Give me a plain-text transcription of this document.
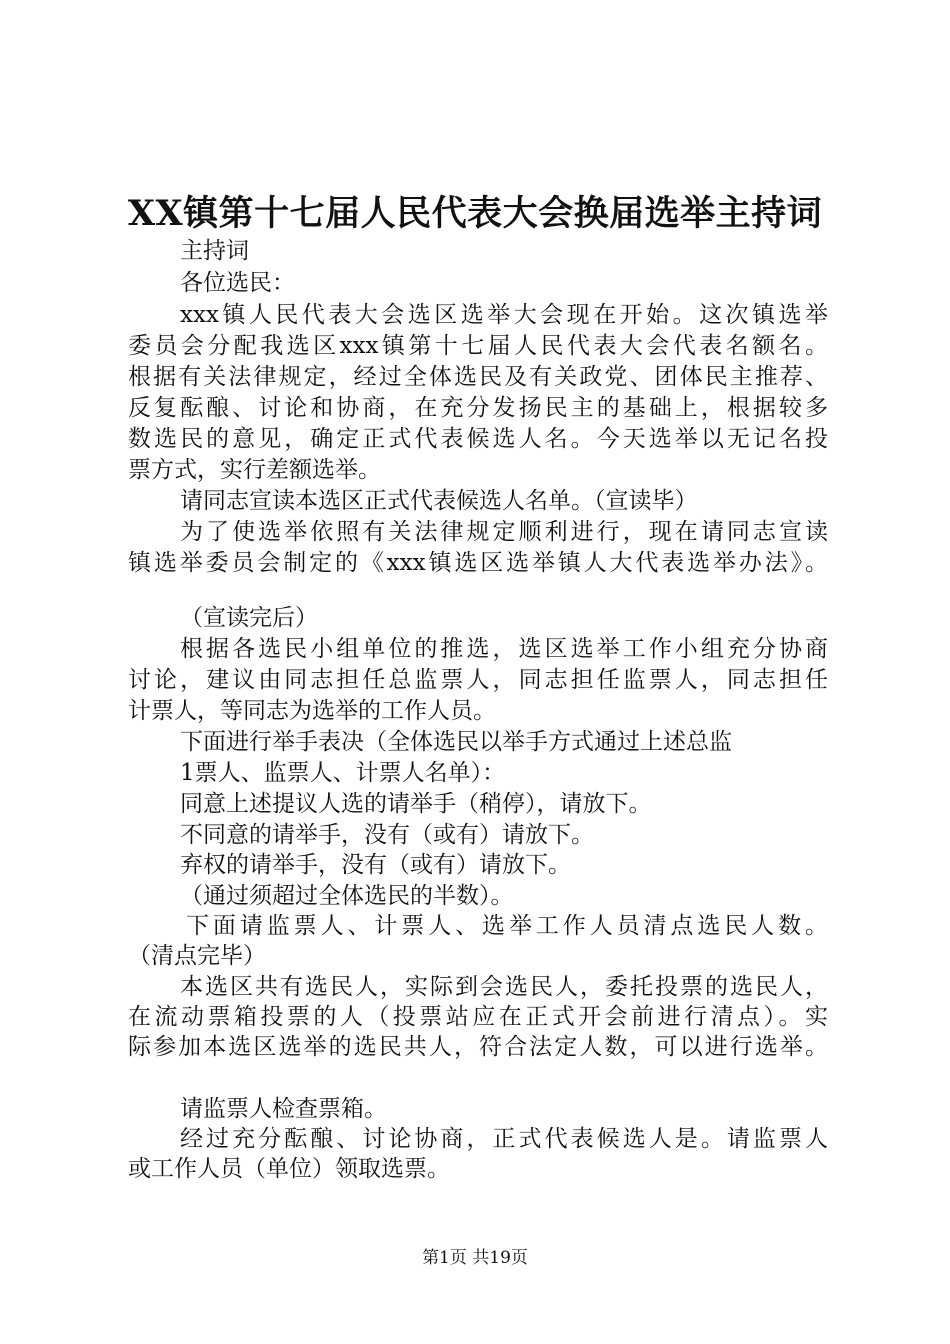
XX镇第十七届人民代表大会换届选举主持词
主持词
各位选民：
xxx镇人民代表大会选区选举大会现在开始。这次镇选举
委员会分配我选区xxx镇第十七届人民代表大会代表名额名。
根据有关法律规定，经过全体选民及有关政党、团体民主推荐、
反复酝酿、讨论和协商，在充分发扬民主的基础上，根据较多
数选民的意见，确定正式代表候选人名。今天选举以无记名投
票方式，实行差额选举。
请同志宣读本选区正式代表候选人名单。（宣读毕）
为了使选举依照有关法律规定顺利进行，现在请同志宣读
镇选举委员会制定的《xxx镇选区选举镇人大代表选举办法》。
（宣读完后）
根据各选民小组单位的推选，选区选举工作小组充分协商
讨论，建议由同志担任总监票人，同志担任监票人，同志担任
计票人，等同志为选举的工作人员。
下面进行举手表决（全体选民以举手方式通过上述总监
1票人、监票人、计票人名单）：
同意上述提议人选的请举手（稍停），请放下。
不同意的请举手，没有（或有）请放下。
弃权的请举手，没有（或有）请放下。
（通过须超过全体选民的半数）。
下面请监票人、计票人、选举工作人员清点选民人数。
（清点完毕）
本选区共有选民人，实际到会选民人，委托投票的选民人，
在流动票箱投票的人（投票站应在正式开会前进行清点）。实
际参加本选区选举的选民共人，符合法定人数，可以进行选举。
请监票人检查票箱。
经过充分酝酿、讨论协商，正式代表候选人是。请监票人
或工作人员（单位）领取选票。
第1页 共19页
